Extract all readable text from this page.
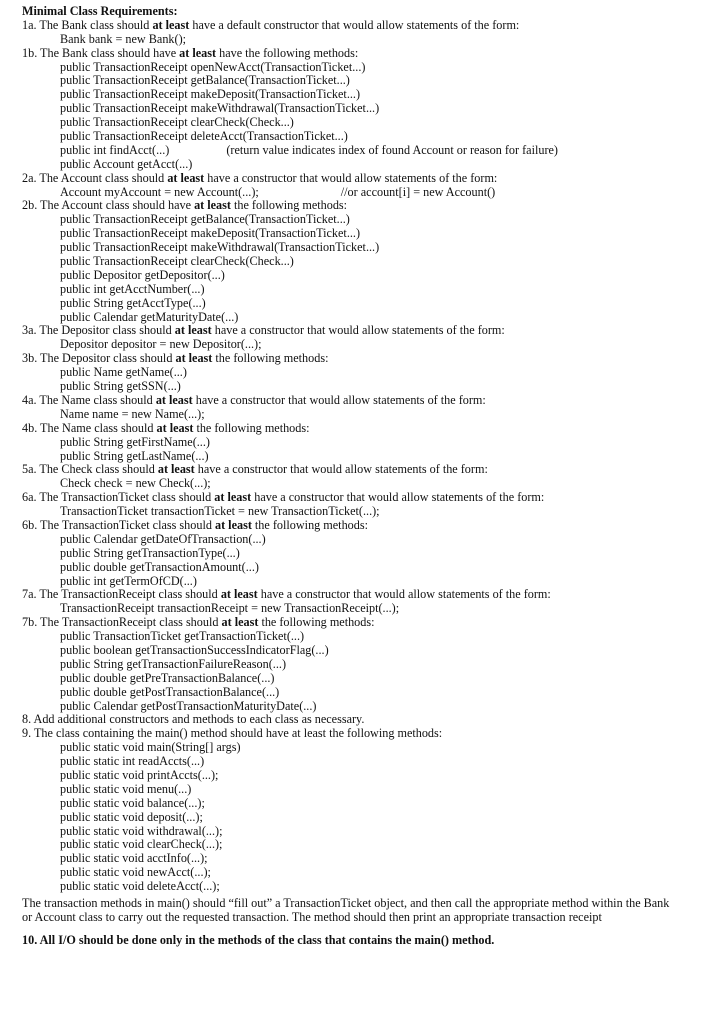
Minimal Class Requirements:
1a. The Bank class should at least have a default constructor that would allow statements of the form:
Bank bank = new Bank();
1b. The Bank class should have at least have the following methods:
public TransactionReceipt openNewAcct(TransactionTicket...)
public TransactionReceipt getBalance(TransactionTicket...)
public TransactionReceipt makeDeposit(TransactionTicket...)
public TransactionReceipt makeWithdrawal(TransactionTicket...)
public TransactionReceipt clearCheck(Check...)
public TransactionReceipt deleteAcct(TransactionTicket...)
public int findAcct(...)	(return value indicates index of found Account or reason for failure)
public Account getAcct(...)
2a. The Account class should at least have a constructor that would allow statements of the form:
Account myAccount = new Account(...);	//or account[i] = new Account()
2b. The Account class should have at least the following methods:
public TransactionReceipt getBalance(TransactionTicket...)
public TransactionReceipt makeDeposit(TransactionTicket...)
public TransactionReceipt makeWithdrawal(TransactionTicket...)
public TransactionReceipt clearCheck(Check...)
public Depositor getDepositor(...)
public int getAcctNumber(...)
public String getAcctType(...)
public Calendar getMaturityDate(...)
3a. The Depositor class should at least have a constructor that would allow statements of the form:
Depositor depositor = new Depositor(...);
3b. The Depositor class should at least the following methods:
public Name getName(...)
public String getSSN(...)
4a. The Name class should at least have a constructor that would allow statements of the form:
Name name = new Name(...);
4b. The Name class should at least the following methods:
public String getFirstName(...)
public String getLastName(...)
5a. The Check class should at least have a constructor that would allow statements of the form:
Check check = new Check(...);
6a. The TransactionTicket class should at least have a constructor that would allow statements of the form:
TransactionTicket transactionTicket = new TransactionTicket(...);
6b. The TransactionTicket class should at least the following methods:
public Calendar getDateOfTransaction(...)
public String getTransactionType(...)
public double getTransactionAmount(...)
public int getTermOfCD(...)
7a. The TransactionReceipt class should at least have a constructor that would allow statements of the form:
TransactionReceipt transactionReceipt = new TransactionReceipt(...);
7b. The TransactionReceipt class should at least the following methods:
public TransactionTicket getTransactionTicket(...)
public boolean getTransactionSuccessIndicatorFlag(...)
public String getTransactionFailureReason(...)
public double getPreTransactionBalance(...)
public double getPostTransactionBalance(...)
public Calendar getPostTransactionMaturityDate(...)
8. Add additional constructors and methods to each class as necessary.
9. The class containing the main() method should have at least the following methods:
public static void main(String[] args)
public static int readAccts(...)
public static void printAccts(...);
public static void menu(...)
public static void balance(...);
public static void deposit(...);
public static void withdrawal(...);
public static void clearCheck(...);
public static void acctInfo(...);
public static void newAcct(...);
public static void deleteAcct(...);
The transaction methods in main() should “fill out” a TransactionTicket object, and then call the appropriate method within the Bank or Account class to carry out the requested transaction. The method should then print an appropriate transaction receipt
10. All I/O should be done only in the methods of the class that contains the main() method.
